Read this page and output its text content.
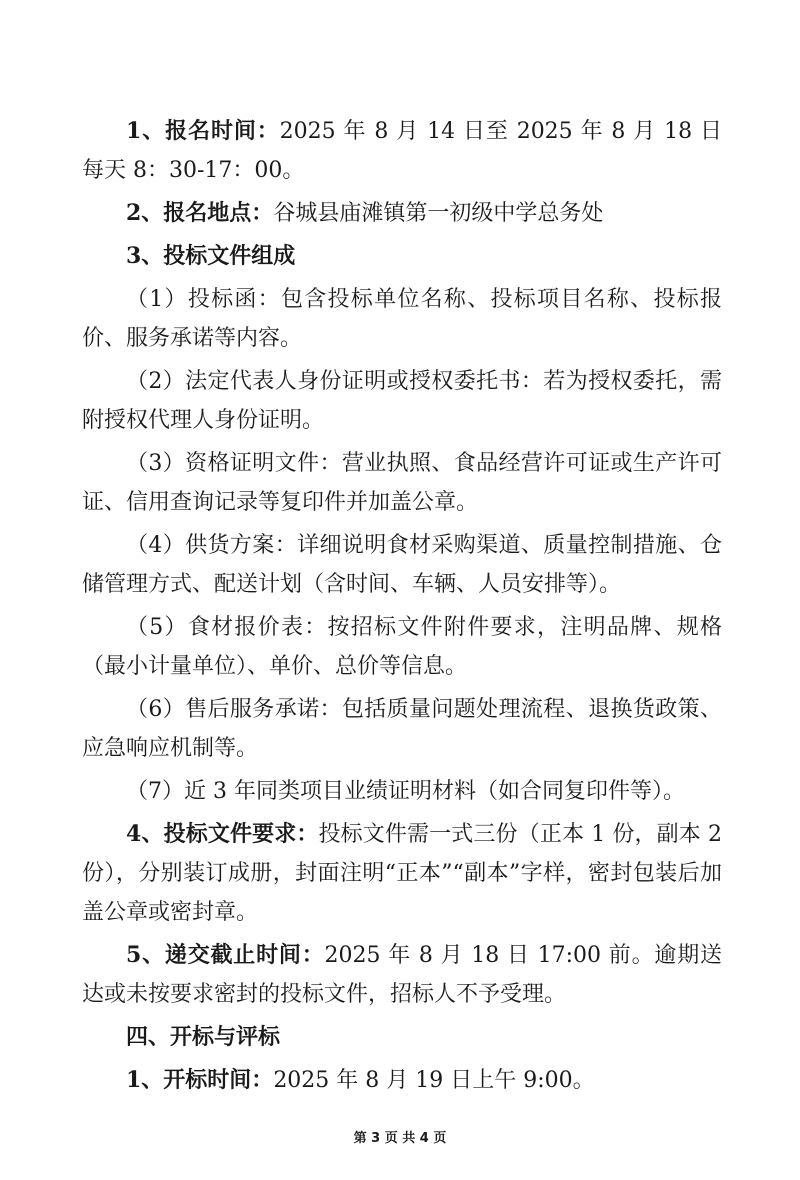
1、报名时间：2025 年 8 月 14 日至 2025 年 8 月 18 日每天 8：30-17：00。

2、报名地点：谷城县庙滩镇第一初级中学总务处

3、投标文件组成

（1）投标函：包含投标单位名称、投标项目名称、投标报价、服务承诺等内容。

（2）法定代表人身份证明或授权委托书：若为授权委托，需附授权代理人身份证明。

（3）资格证明文件：营业执照、食品经营许可证或生产许可证、信用查询记录等复印件并加盖公章。

（4）供货方案：详细说明食材采购渠道、质量控制措施、仓储管理方式、配送计划（含时间、车辆、人员安排等）。

（5）食材报价表：按招标文件附件要求，注明品牌、规格（最小计量单位）、单价、总价等信息。

（6）售后服务承诺：包括质量问题处理流程、退换货政策、应急响应机制等。

（7）近 3 年同类项目业绩证明材料（如合同复印件等）。

4、投标文件要求：投标文件需一式三份（正本 1 份，副本 2 份），分别装订成册，封面注明“正本”“副本”字样，密封包装后加盖公章或密封章。

5、递交截止时间：2025 年 8 月 18 日 17:00 前。逾期送达或未按要求密封的投标文件，招标人不予受理。

四、开标与评标

1、开标时间：2025 年 8 月 19 日上午 9:00。

第 3 页 共 4 页
